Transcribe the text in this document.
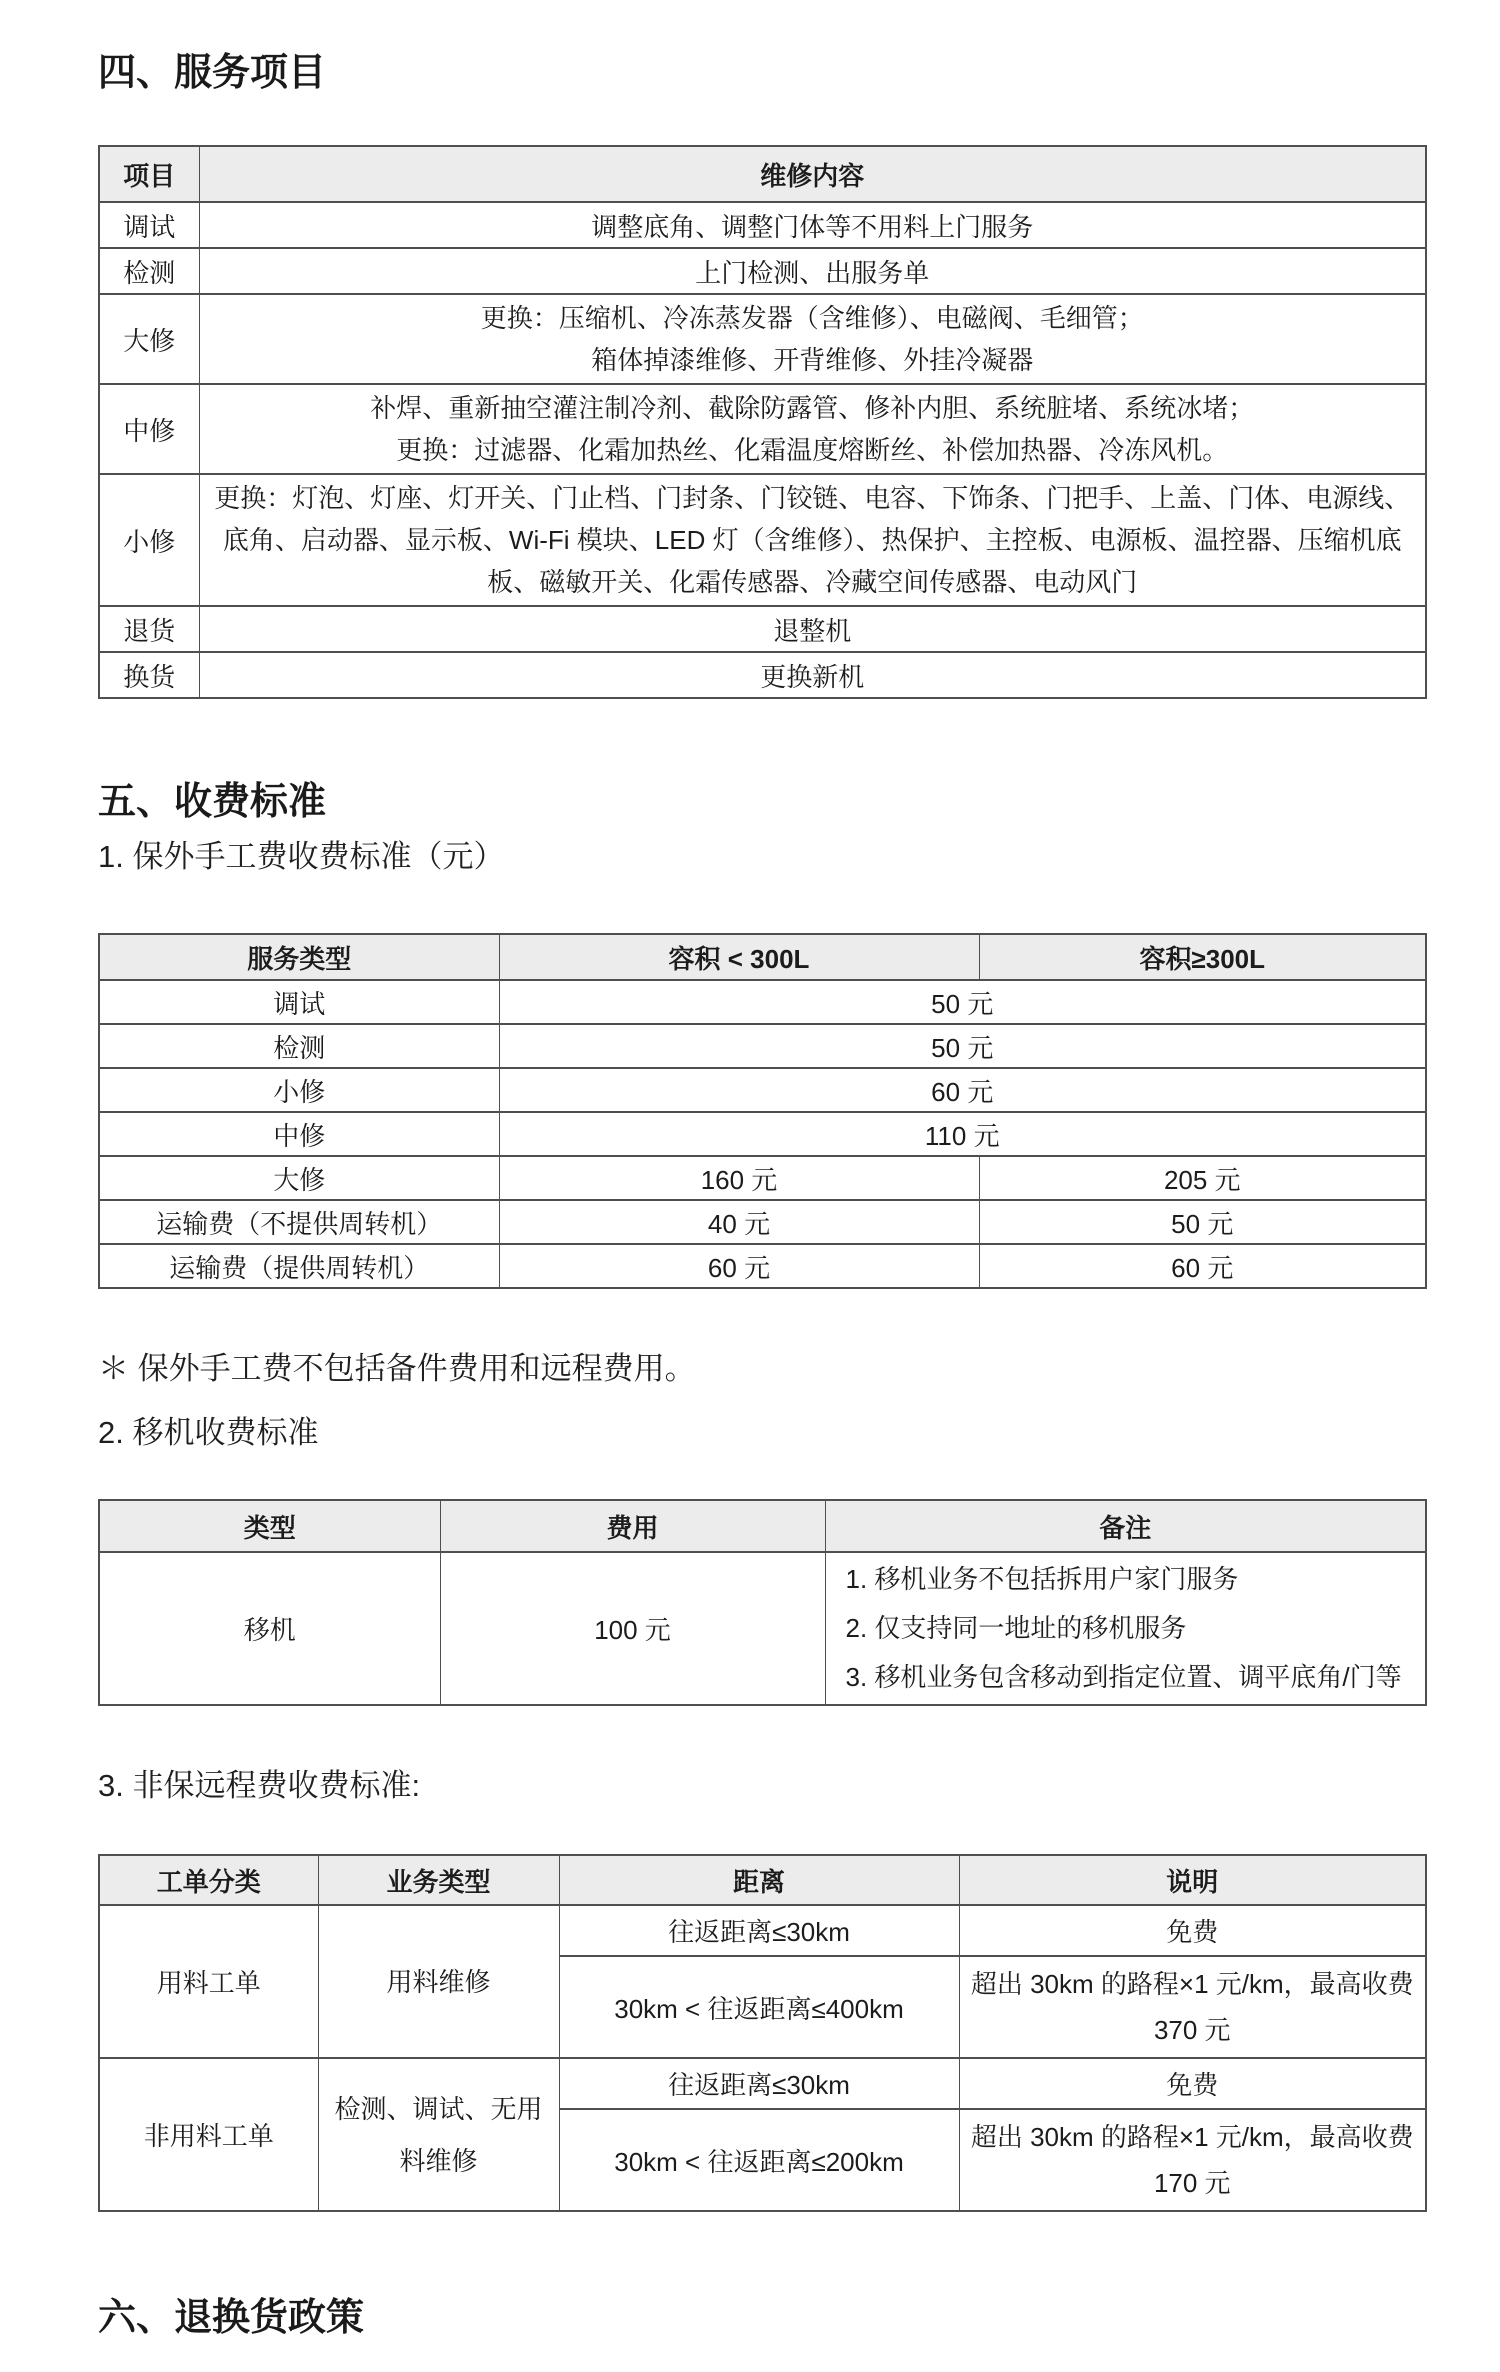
四、服务项目
项目	维修内容
调试	调整底角、调整门体等不用料上门服务
检测	上门检测、出服务单
大修	更换：压缩机、冷冻蒸发器（含维修）、电磁阀、毛细管；
箱体掉漆维修、开背维修、外挂冷凝器

中修	补焊、重新抽空灌注制冷剂、截除防露管、修补内胆、系统脏堵、系统冰堵；
更换：过滤器、化霜加热丝、化霜温度熔断丝、补偿加热器、冷冻风机。

小修	更换：灯泡、灯座、灯开关、门止档、门封条、门铰链、电容、下饰条、门把手、上盖、门体、电源线、
底角、启动器、显示板、Wi-Fi 模块、LED 灯（含维修）、热保护、主控板、电源板、温控器、压缩机底
板、磁敏开关、化霜传感器、冷藏空间传感器、电动风门

退货	退整机
换货	更换新机
五、收费标准
1. 保外手工费收费标准（元）
服务类型	容积 < 300L	容积≥300L
调试	50 元	
检测	50 元	
小修	60 元	
中修	110 元	
大修	160 元	205 元
运输费（不提供周转机）	40 元	50 元
运输费（提供周转机）	60 元	60 元
＊ 保外手工费不包括备件费用和远程费用。
2. 移机收费标准
类型	费用	备注
移机	100 元	1. 移机业务不包括拆用户家门服务
2. 仅支持同一地址的移机服务
3. 移机业务包含移动到指定位置、调平底角/门等
3. 非保远程费收费标准:
工单分类	业务类型	距离	说明
用料工单	用料维修	往返距离≤30km	免费
		30km < 往返距离≤400km	超出 30km 的路程×1 元/km，最高收费 370 元
非用料工单	检测、调试、无用料维修	往返距离≤30km	免费
		30km < 往返距离≤200km	超出 30km 的路程×1 元/km，最高收费 170 元
六、退换货政策
